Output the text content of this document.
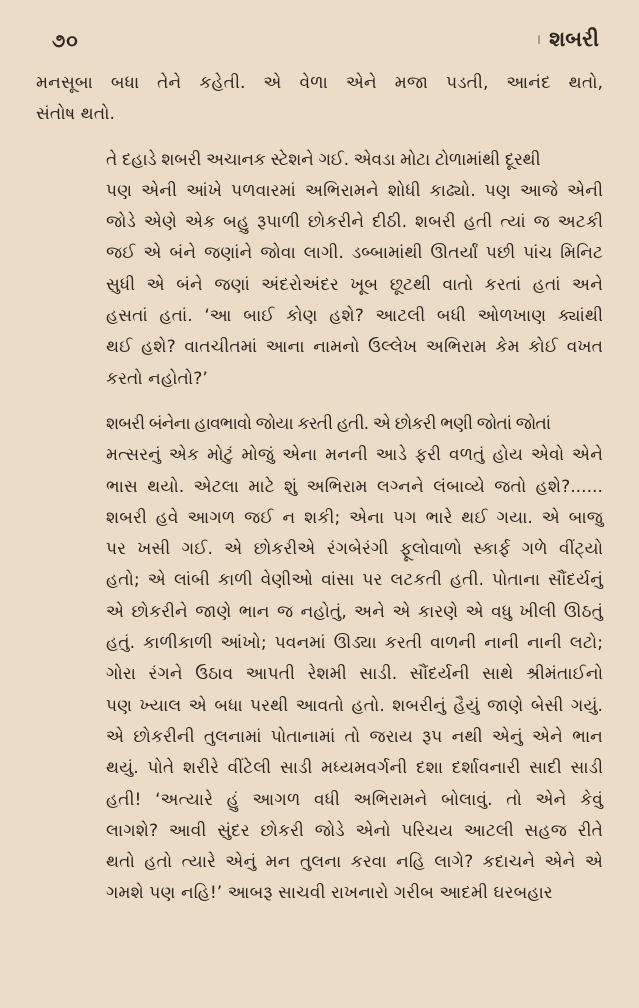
૭૦	। શબરી

મનસૂબા બધા તેને કહેતી. એ વેળા એને મજા પડતી, આનંદ થતો,
સંતોષ થતો.

તે દહાડે શબરી અચાનક સ્ટેશને ગઈ. એવડા મોટા ટોળામાંથી દૂરથી
પણ એની આંખે પળવારમાં અભિરામને શોધી કાઢ્યો. પણ આજે એની
જોડે એણે એક બહુ રૂપાળી છોકરીને દીઠી. શબરી હતી ત્યાં જ અટકી
જઈ એ બંને જણાંને જોવા લાગી. ડબ્બામાંથી ઊતર્યાં પછી પાંચ મિનિટ
સુધી એ બંને જણાં અંદરોઅંદર ખૂબ છૂટથી વાતો કરતાં હતાં અને
હસતાં હતાં. ‘આ બાઈ કોણ હશે? આટલી બધી ઓળખાણ ક્યાંથી
થઈ હશે? વાતચીતમાં આના નામનો ઉલ્લેખ અભિરામ કેમ કોઈ વખત
કરતો નહોતો?’

શબરી બંનેના હાવભાવો જોયા કરતી હતી. એ છોકરી ભણી જોતાં જોતાં
મત્સરનું એક મોટું મોજું એના મનની આડે ફરી વળતું હોય એવો એને
ભાસ થયો. એટલા માટે શું અભિરામ લગ્નને લંબાવ્યે જતો હશે?......
શબરી હવે આગળ જઈ ન શકી; એના પગ ભારે થઈ ગયા. એ બાજુ
પર ખસી ગઈ. એ છોકરીએ રંગબેરંગી ફૂલોવાળો સ્કાર્ફ ગળે વીંટ્યો
હતો; એ લાંબી કાળી વેણીઓ વાંસા પર લટકતી હતી. પોતાના સૌંદર્યનું
એ છોકરીને જાણે ભાન જ નહોતું, અને એ કારણે એ વધુ ખીલી ઊઠતું
હતું. કાળીકાળી આંખો; પવનમાં ઊડ્યા કરતી વાળની નાની નાની લટો;
ગોરા રંગને ઉઠાવ આપતી રેશમી સાડી. સૌંદર્યની સાથે શ્રીમંતાઈનો
પણ ખ્યાલ એ બધા પરથી આવતો હતો. શબરીનું હૈયું જાણે બેસી ગયું.
એ છોકરીની તુલનામાં પોતાનામાં તો જરાય રૂપ નથી એનું એને ભાન
થયું. પોતે શરીરે વીંટેલી સાડી મધ્યમવર્ગની દશા દર્શાવનારી સાદી સાડી
હતી! ‘અત્યારે હું આગળ વધી અભિરામને બોલાવું. તો એને કેવું
લાગશે? આવી સુંદર છોકરી જોડે એનો પરિચય આટલી સહજ રીતે
થતો હતો ત્યારે એનું મન તુલના કરવા નહિ લાગે? કદાચને એને એ
ગમશે પણ નહિ!’ આબરૂ સાચવી રાખનારો ગરીબ આદમી ઘરબહાર
